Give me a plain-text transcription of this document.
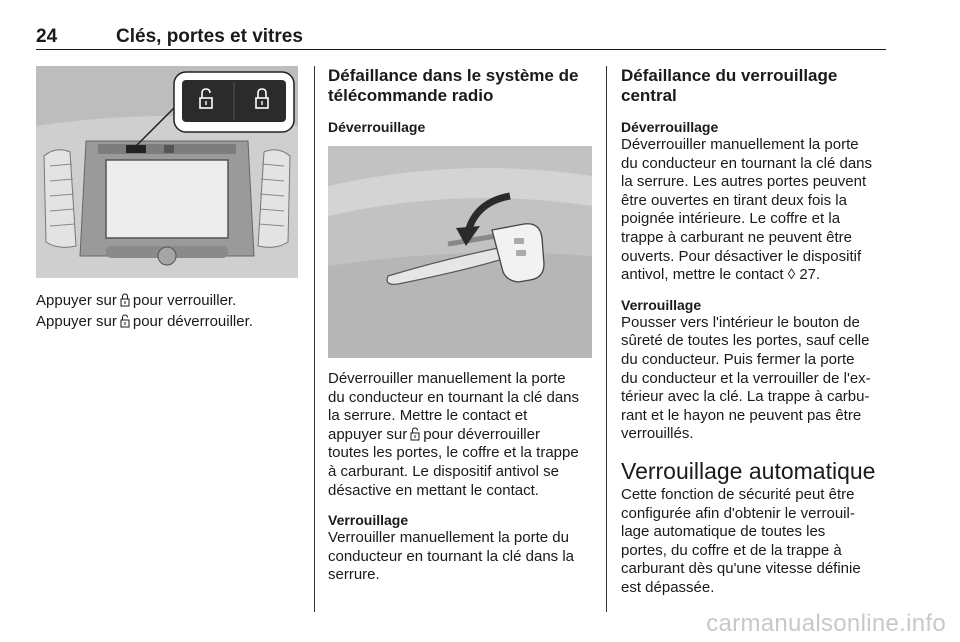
24	Clés, portes et vitres

Appuyer sur pour verrouiller.

Appuyer sur pour déverrouiller.

Défaillance dans le système de
télécommande radio
Déverrouillage

Déverrouiller manuellement la porte
du conducteur en tournant la clé dans
la serrure. Mettre le contact et
appuyer sur pour déverrouiller
toutes les portes, le coffre et la trappe
à carburant. Le dispositif antivol se
désactive en mettant le contact.

Verrouillage

Verrouiller manuellement la porte du
conducteur en tournant la clé dans la
serrure.

Défaillance du verrouillage
central
Déverrouillage

Déverrouiller manuellement la porte
du conducteur en tournant la clé dans
la serrure. Les autres portes peuvent
être ouvertes en tirant deux fois la
poignée intérieure. Le coffre et la
trappe à carburant ne peuvent être
ouverts. Pour désactiver le dispositif
antivol, mettre le contact ◊ 27.

Verrouillage

Pousser vers l'intérieur le bouton de
sûreté de toutes les portes, sauf celle
du conducteur. Puis fermer la porte
du conducteur et la verrouiller de l'ex-
térieur avec la clé. La trappe à carbu-
rant et le hayon ne peuvent pas être
verrouillés.

Verrouillage automatique

Cette fonction de sécurité peut être
configurée afin d'obtenir le verrouil-
lage automatique de toutes les
portes, du coffre et de la trappe à
carburant dès qu'une vitesse définie
est dépassée.

carmanualsonline.info
